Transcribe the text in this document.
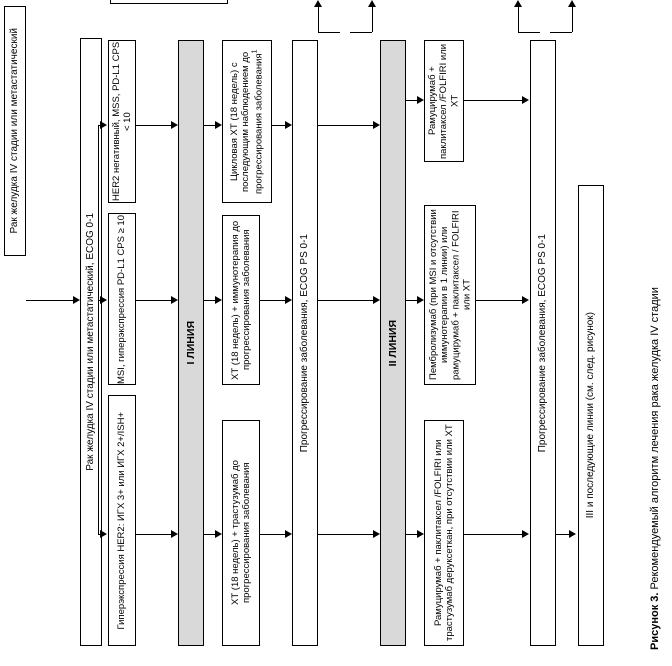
Рак желудка IV стадии или метастатический
Рак желудка IV стадии или метастатический, ECOG 0-1
Гиперэкспрессия HER2: ИГХ 3+ или ИГХ 2+/ISH+
MSI, гиперэкспрессия PD-L1 CPS ≥ 10
HER2 негативный, MSS, PD-L1 CPS < 10
I ЛИНИЯ
ХТ (18 недель) + трастузумаб до прогрессирования заболевания
ХТ (18 недель) + иммунотерапия до прогрессирования заболевания
Цикловая ХТ (18 недель) с последующим наблюдением до прогрессирования заболевания$^1$
Прогрессирование заболевания, ECOG PS 0-1	II ЛИНИЯ
Рамуцирумаб + паклитаксел /FOLFIRI или трастузумаб деруксеткан, при отсутствии или ХТ
Пембролизумаб (при MSI и отсутствии иммунотерапии в 1 линии) или рамуцирумаб + паклитаксел / FOLFIRI или ХТ
Рамуцирумаб + паклитаксел /FOLFIRI или ХТ
Прогрессирование заболевания, ECOG PS 0-1	III и последующие линии (см. след. рисунок)

Рисунок 3. Рекомендуемый алгоритм лечения рака желудка IV стадии
